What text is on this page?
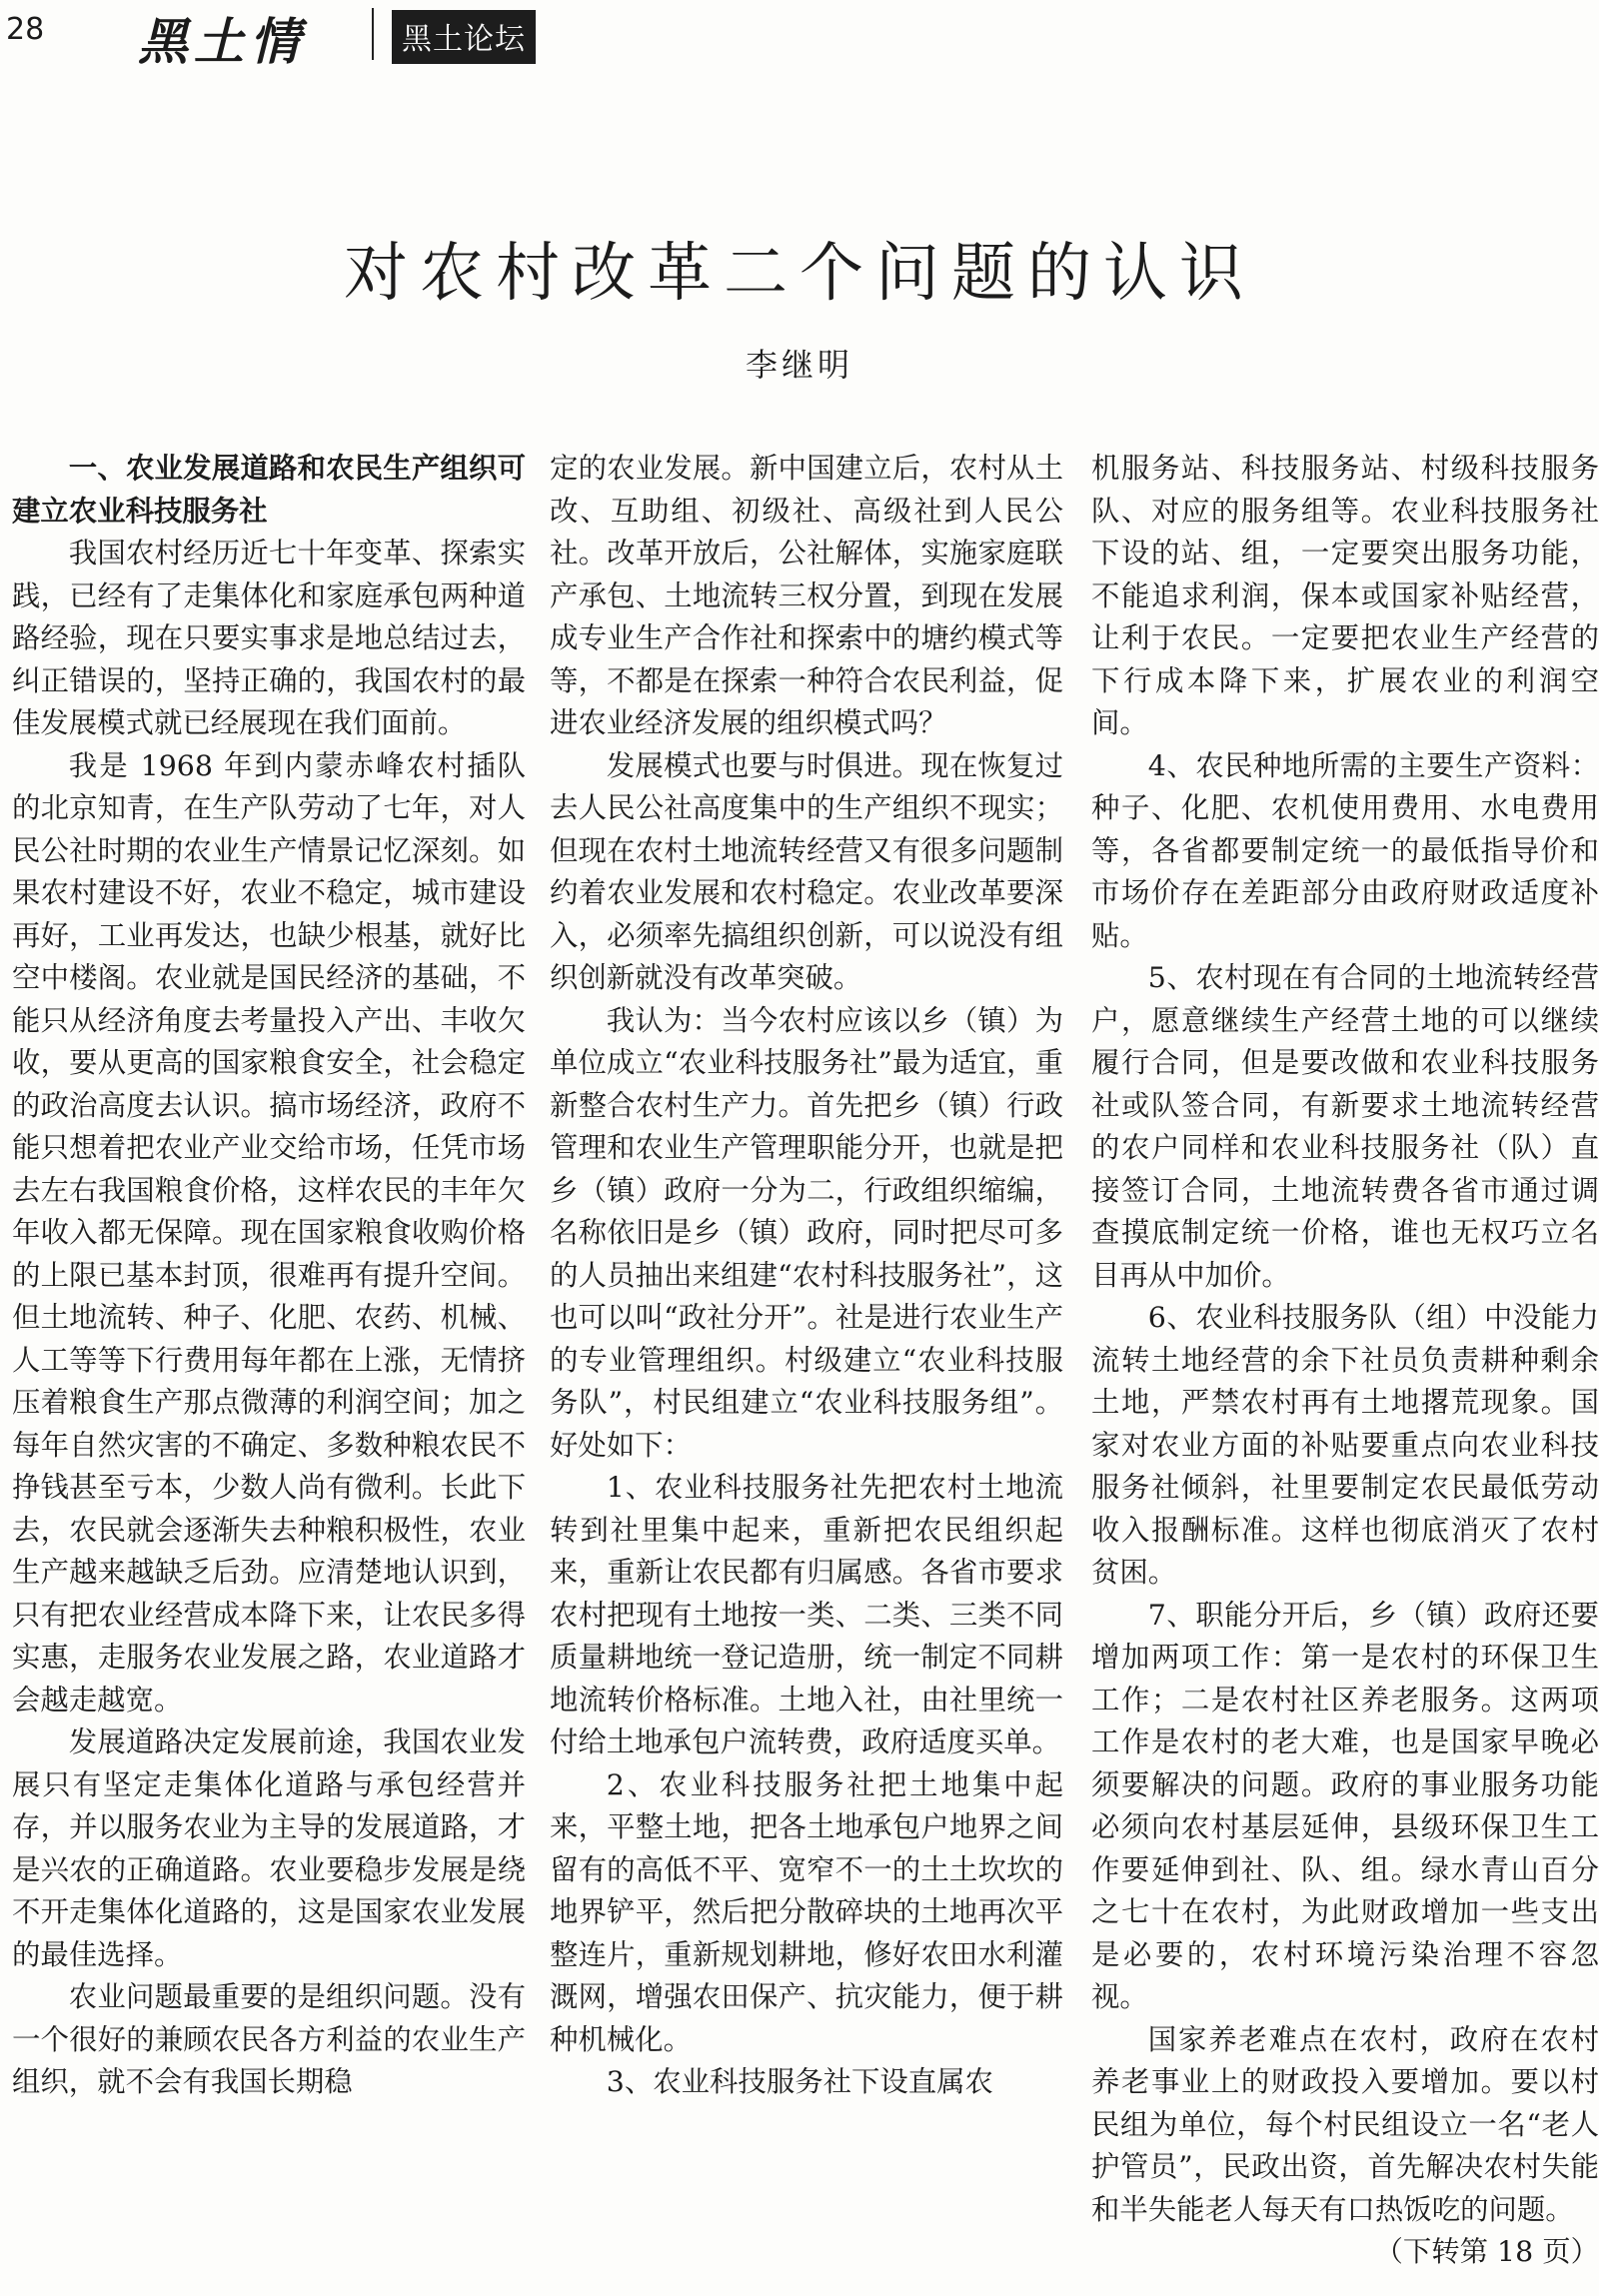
28 黑土情	黑土论坛
对农村改革二个问题的认识
李继明
一、农业发展道路和农民生产组织可建立农业科技服务社

我国农村经历近七十年变革、探索实践，已经有了走集体化和家庭承包两种道路经验，现在只要实事求是地总结过去，纠正错误的，坚持正确的，我国农村的最佳发展模式就已经展现在我们面前。

我是 1968 年到内蒙赤峰农村插队的北京知青，在生产队劳动了七年，对人民公社时期的农业生产情景记忆深刻。如果农村建设不好，农业不稳定，城市建设再好，工业再发达，也缺少根基，就好比空中楼阁。农业就是国民经济的基础，不能只从经济角度去考量投入产出、丰收欠收，要从更高的国家粮食安全，社会稳定的政治高度去认识。搞市场经济，政府不能只想着把农业产业交给市场，任凭市场去左右我国粮食价格，这样农民的丰年欠年收入都无保障。现在国家粮食收购价格的上限已基本封顶，很难再有提升空间。但土地流转、种子、化肥、农药、机械、人工等等下行费用每年都在上涨，无情挤压着粮食生产那点微薄的利润空间；加之每年自然灾害的不确定、多数种粮农民不挣钱甚至亏本，少数人尚有微利。长此下去，农民就会逐渐失去种粮积极性，农业生产越来越缺乏后劲。应清楚地认识到，只有把农业经营成本降下来，让农民多得实惠，走服务农业发展之路，农业道路才会越走越宽。

发展道路决定发展前途，我国农业发展只有坚定走集体化道路与承包经营并存，并以服务农业为主导的发展道路，才是兴农的正确道路。农业要稳步发展是绕不开走集体化道路的，这是国家农业发展的最佳选择。

农业问题最重要的是组织问题。没有一个很好的兼顾农民各方利益的农业生产组织，就不会有我国长期稳

定的农业发展。新中国建立后，农村从土改、互助组、初级社、高级社到人民公社。改革开放后，公社解体，实施家庭联产承包、土地流转三权分置，到现在发展成专业生产合作社和探索中的塘约模式等等，不都是在探索一种符合农民利益，促进农业经济发展的组织模式吗？

发展模式也要与时俱进。现在恢复过去人民公社高度集中的生产组织不现实；但现在农村土地流转经营又有很多问题制约着农业发展和农村稳定。农业改革要深入，必须率先搞组织创新，可以说没有组织创新就没有改革突破。

我认为：当今农村应该以乡（镇）为单位成立“农业科技服务社”最为适宜，重新整合农村生产力。首先把乡（镇）行政管理和农业生产管理职能分开，也就是把乡（镇）政府一分为二，行政组织缩编，名称依旧是乡（镇）政府，同时把尽可多的人员抽出来组建“农村科技服务社”，这也可以叫“政社分开”。社是进行农业生产的专业管理组织。村级建立“农业科技服务队”，村民组建立“农业科技服务组”。好处如下：

1、农业科技服务社先把农村土地流转到社里集中起来，重新把农民组织起来，重新让农民都有归属感。各省市要求农村把现有土地按一类、二类、三类不同质量耕地统一登记造册，统一制定不同耕地流转价格标准。土地入社，由社里统一付给土地承包户流转费，政府适度买单。

2、农业科技服务社把土地集中起来，平整土地，把各土地承包户地界之间留有的高低不平、宽窄不一的土土坎坎的地界铲平，然后把分散碎块的土地再次平整连片，重新规划耕地，修好农田水利灌溉网，增强农田保产、抗灾能力，便于耕种机械化。

3、农业科技服务社下设直属农

机服务站、科技服务站、村级科技服务队、对应的服务组等。农业科技服务社下设的站、组，一定要突出服务功能，不能追求利润，保本或国家补贴经营，让利于农民。一定要把农业生产经营的下行成本降下来，扩展农业的利润空间。

4、农民种地所需的主要生产资料：种子、化肥、农机使用费用、水电费用等，各省都要制定统一的最低指导价和市场价存在差距部分由政府财政适度补贴。

5、农村现在有合同的土地流转经营户，愿意继续生产经营土地的可以继续履行合同，但是要改做和农业科技服务社或队签合同，有新要求土地流转经营的农户同样和农业科技服务社（队）直接签订合同，土地流转费各省市通过调查摸底制定统一价格，谁也无权巧立名目再从中加价。

6、农业科技服务队（组）中没能力流转土地经营的余下社员负责耕种剩余土地，严禁农村再有土地撂荒现象。国家对农业方面的补贴要重点向农业科技服务社倾斜，社里要制定农民最低劳动收入报酬标准。这样也彻底消灭了农村贫困。

7、职能分开后，乡（镇）政府还要增加两项工作：第一是农村的环保卫生工作；二是农村社区养老服务。这两项工作是农村的老大难，也是国家早晚必须要解决的问题。政府的事业服务功能必须向农村基层延伸，县级环保卫生工作要延伸到社、队、组。绿水青山百分之七十在农村，为此财政增加一些支出是必要的，农村环境污染治理不容忽视。

国家养老难点在农村，政府在农村养老事业上的财政投入要增加。要以村民组为单位，每个村民组设立一名“老人护管员”，民政出资，首先解决农村失能和半失能老人每天有口热饭吃的问题。
（下转第 18 页）
